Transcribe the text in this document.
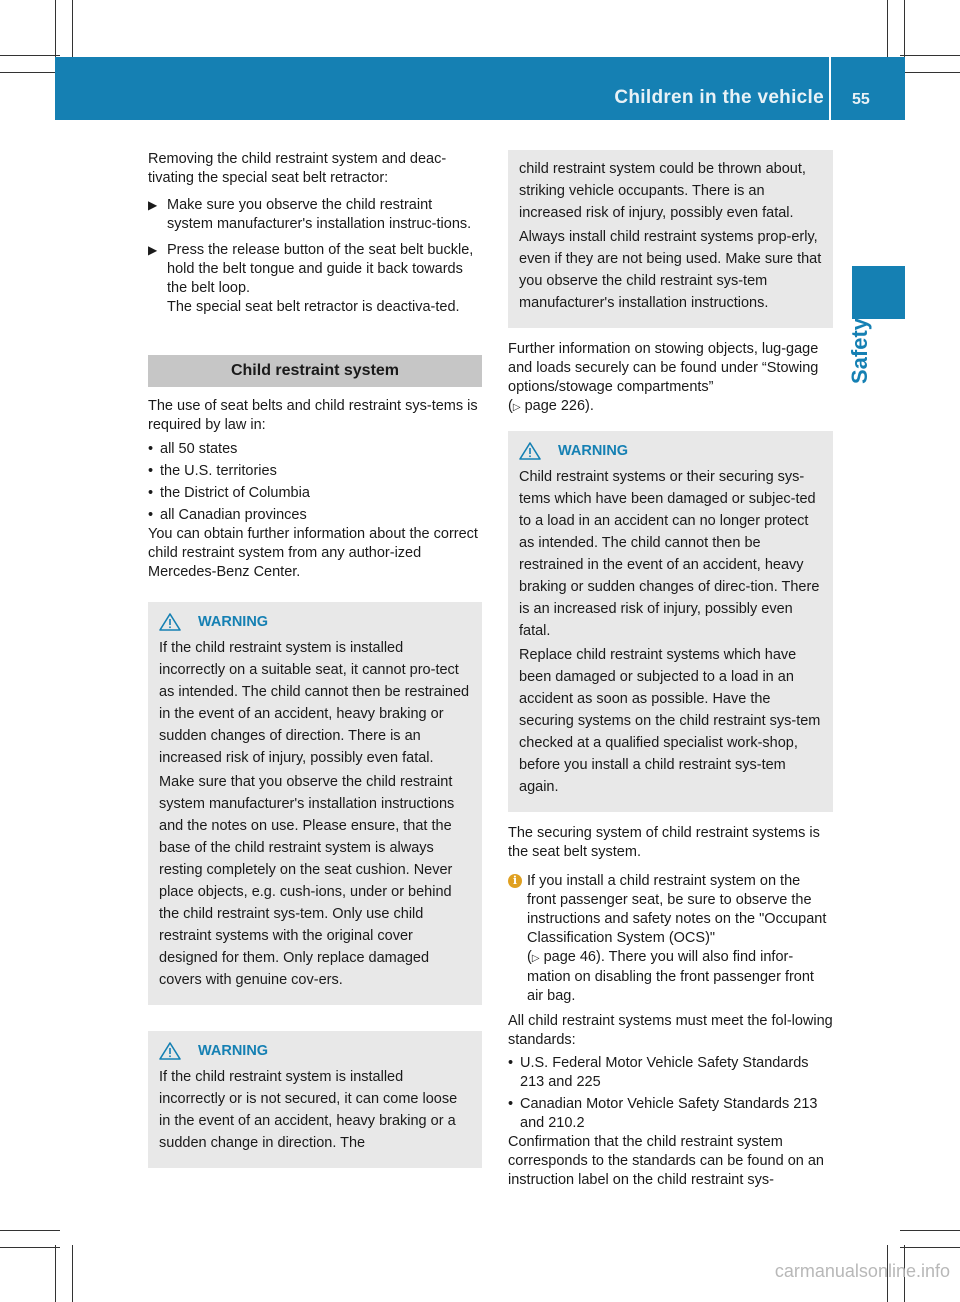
Children in the vehicle 55
Safety

Removing the child restraint system and deac-tivating the special seat belt retractor:

▶ Make sure you observe the child restraint system manufacturer's installation instruc-tions.
▶ Press the release button of the seat belt buckle, hold the belt tongue and guide it back towards the belt loop.
The special seat belt retractor is deactiva-ted.
Child restraint system

The use of seat belts and child restraint sys-tems is required by law in:

• all 50 states
• the U.S. territories
• the District of Columbia
• all Canadian provinces

You can obtain further information about the correct child restraint system from any author-ized Mercedes-Benz Center.

WARNING

If the child restraint system is installed incorrectly on a suitable seat, it cannot pro-tect as intended. The child cannot then be restrained in the event of an accident, heavy braking or sudden changes of direction. There is an increased risk of injury, possibly even fatal.

Make sure that you observe the child restraint system manufacturer's installation instructions and the notes on use. Please ensure, that the base of the child restraint system is always resting completely on the seat cushion. Never place objects, e.g. cush-ions, under or behind the child restraint sys-tem. Only use child restraint systems with the original cover designed for them. Only replace damaged covers with genuine cov-ers.

WARNING

If the child restraint system is installed incorrectly or is not secured, it can come loose in the event of an accident, heavy braking or a sudden change in direction. The

child restraint system could be thrown about, striking vehicle occupants. There is an increased risk of injury, possibly even fatal.

Always install child restraint systems prop-erly, even if they are not being used. Make sure that you observe the child restraint sys-tem manufacturer's installation instructions.

Further information on stowing objects, lug-gage and loads securely can be found under “Stowing options/stowage compartments”
(▷ page 226).

WARNING

Child restraint systems or their securing sys-tems which have been damaged or subjec-ted to a load in an accident can no longer protect as intended. The child cannot then be restrained in the event of an accident, heavy braking or sudden changes of direc-tion. There is an increased risk of injury, possibly even fatal.

Replace child restraint systems which have been damaged or subjected to a load in an accident as soon as possible. Have the securing systems on the child restraint sys-tem checked at a qualified specialist work-shop, before you install a child restraint sys-tem again.

The securing system of child restraint systems is the seat belt system.

i If you install a child restraint system on the front passenger seat, be sure to observe the instructions and safety notes on the "Occupant Classification System (OCS)"
(▷ page 46). There you will also find infor-mation on disabling the front passenger front air bag.

All child restraint systems must meet the fol-lowing standards:

• U.S. Federal Motor Vehicle Safety Standards 213 and 225
• Canadian Motor Vehicle Safety Standards 213 and 210.2

Confirmation that the child restraint system corresponds to the standards can be found on an instruction label on the child restraint sys-

carmanualsonline.info
